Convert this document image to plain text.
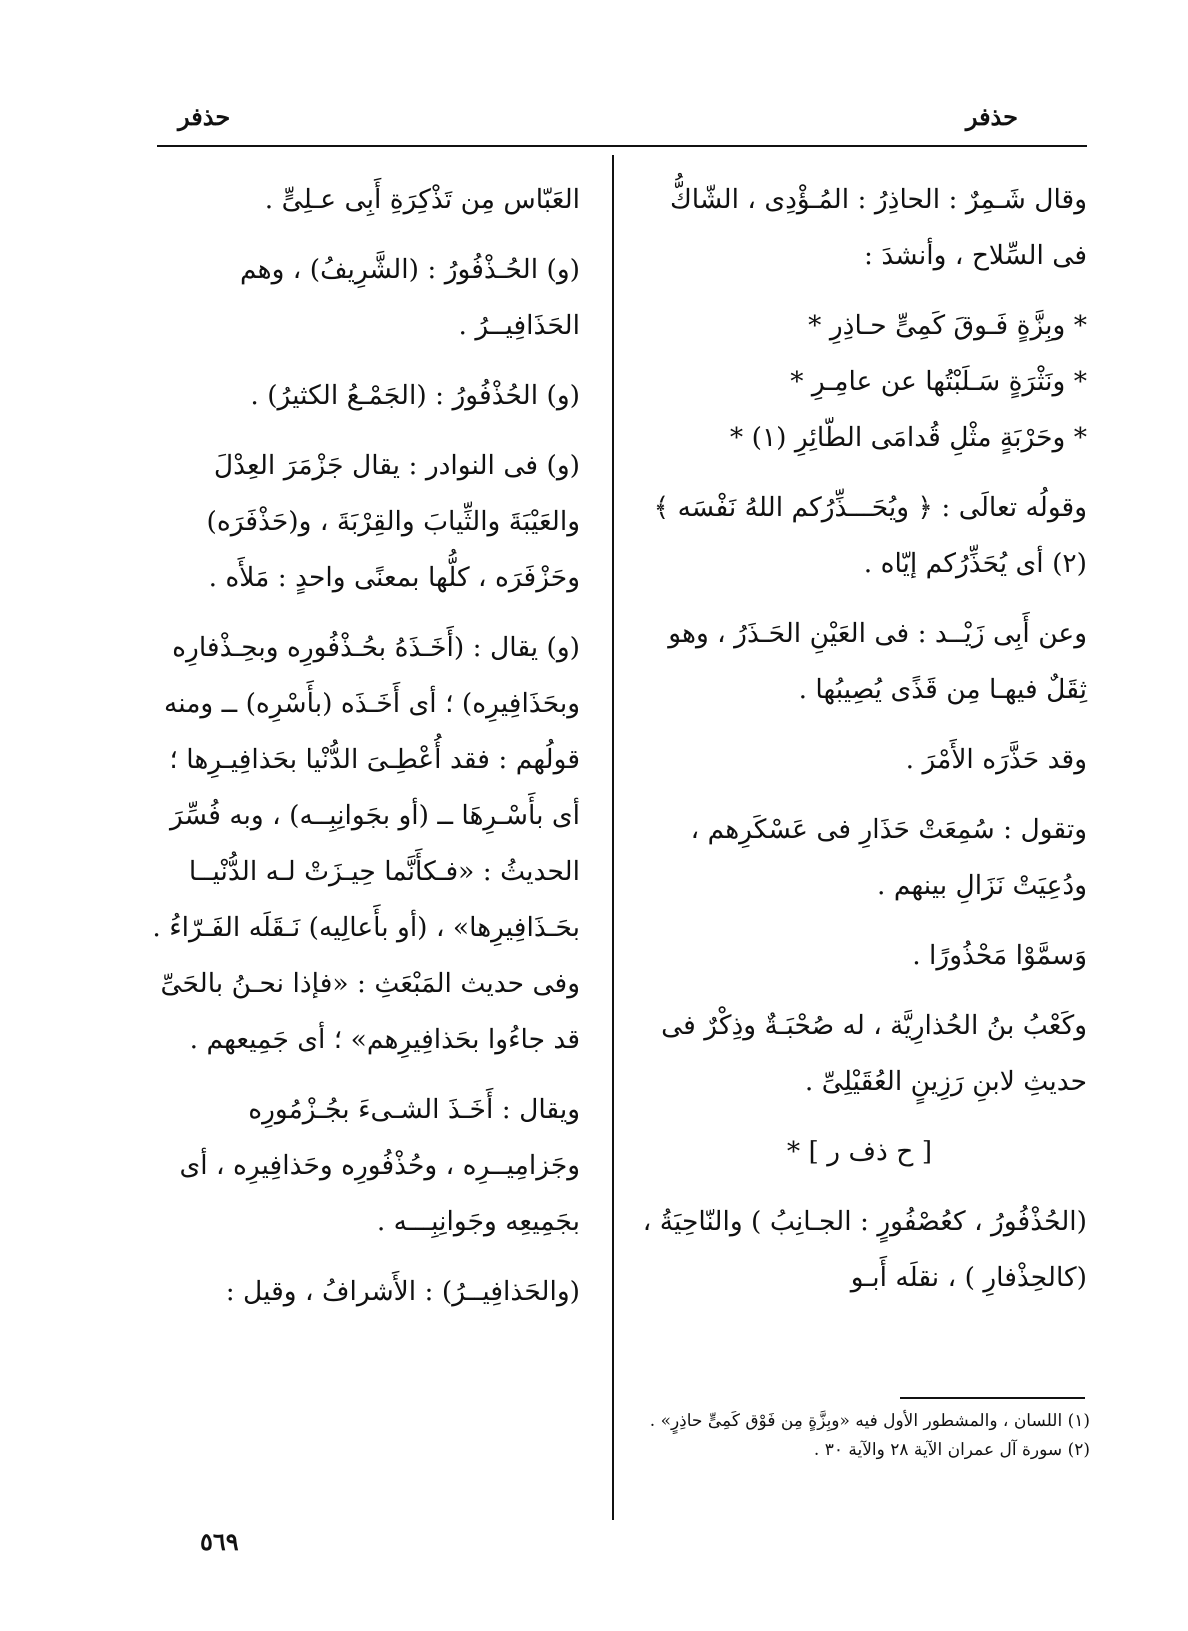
حذفر
حذفر

وقال شَـمِرٌ : الحاذِرُ : المُـؤْدِى ، الشّاكُّ فى السِّلاح ، وأنشدَ :

* وبِزَّةٍ فَـوقَ كَمِىٍّ حـاذِرِ *

* ونَثْرَةٍ سَـلَبْتُها عن عامِـرِ *

* وحَرْبَةٍ مثْلِ قُدامَى الطّائِرِ (١) *

وقولُه تعالَى : ﴿ ويُحَـــذِّرُكم اللهُ نَفْسَه ﴾ (٢) أى يُحَذِّرُكم إيّاه .

وعن أَبِى زَيْــد : فى العَيْنِ الحَـذَرُ ، وهو ثِقَلٌ فيهـا مِن قَذًى يُصِيبُها .

وقد حَذَّرَه الأَمْرَ .

وتقول : سُمِعَتْ حَذَارِ فى عَسْكَرِهم ، ودُعِيَتْ نَزَالِ بينهم .

وَسمَّوْا مَحْذُورًا .

وكَعْبُ بنُ الحُذارِيَّة ، له صُحْبَـةٌ وذِكْرٌ فى حديثِ لابنِ رَزِينٍ العُقَيْلِىِّ .

[ ح ذف ر ] *

(الحُذْفُورُ ، كعُصْفُورٍ : الجـانِبُ ) والنّاحِيَةُ ، (كالحِذْفارِ ) ، نقلَه أَبـو

العَبّاس مِن تَذْكِرَةِ أَبِى عـلِىٍّ .

(و) الحُـذْفُورُ : (الشَّرِيفُ) ، وهم الحَذَافِيــرُ .

(و) الحُذْفُورُ : (الجَمْـعُ الكثيرُ) .

(و) فى النوادر : يقال جَزْمَرَ العِدْلَ والعَيْبَةَ والثِّيابَ والقِرْبَةَ ، و(حَذْفَرَه) وحَزْفَرَه ، كلُّها بمعنًى واحدٍ : مَلأَه .

(و) يقال : (أَخَـذَهُ بحُـذْفُورِه وبحِـذْفارِه وبحَذَافِيرِه) ؛ أى أَخَـذَه (بأَسْرِه) ــ ومنه قولُهم : فقد أُعْطِـىَ الدُّنْيا بحَذافِيـرِها ؛ أى بأَسْـرِهَا ــ (أو بجَوانِبِــه) ، وبه فُسِّرَ الحديثُ : «فـكأَنَّما حِيـزَتْ لـه الدُّنْيــا بحَـذَافِيرِها» ، (أو بأَعالِيه) نَـقَلَه الفَـرّاءُ . وفى حديث المَبْعَثِ : «فإذا نحـنُ بالحَىِّ قد جاءُوا بحَذافِيرِهم» ؛ أى جَمِيعهم .

ويقال : أَخَـذَ الشـىءَ بجُـزْمُورِه وجَزامِيــرِه ، وحُذْفُورِه وحَذافِيرِه ، أى بجَمِيعِه وجَوانِبِـــه .

(والحَذافِيــرُ) : الأَشرافُ ، وقيل :

(١) اللسان ، والمشطور الأول فيه «وبِزَّةٍ مِن فَوْق كَمِىٍّ حاذِرٍ» .

(٢) سورة آل عمران الآية ٢٨ والآية ٣٠ .

٥٦٩
